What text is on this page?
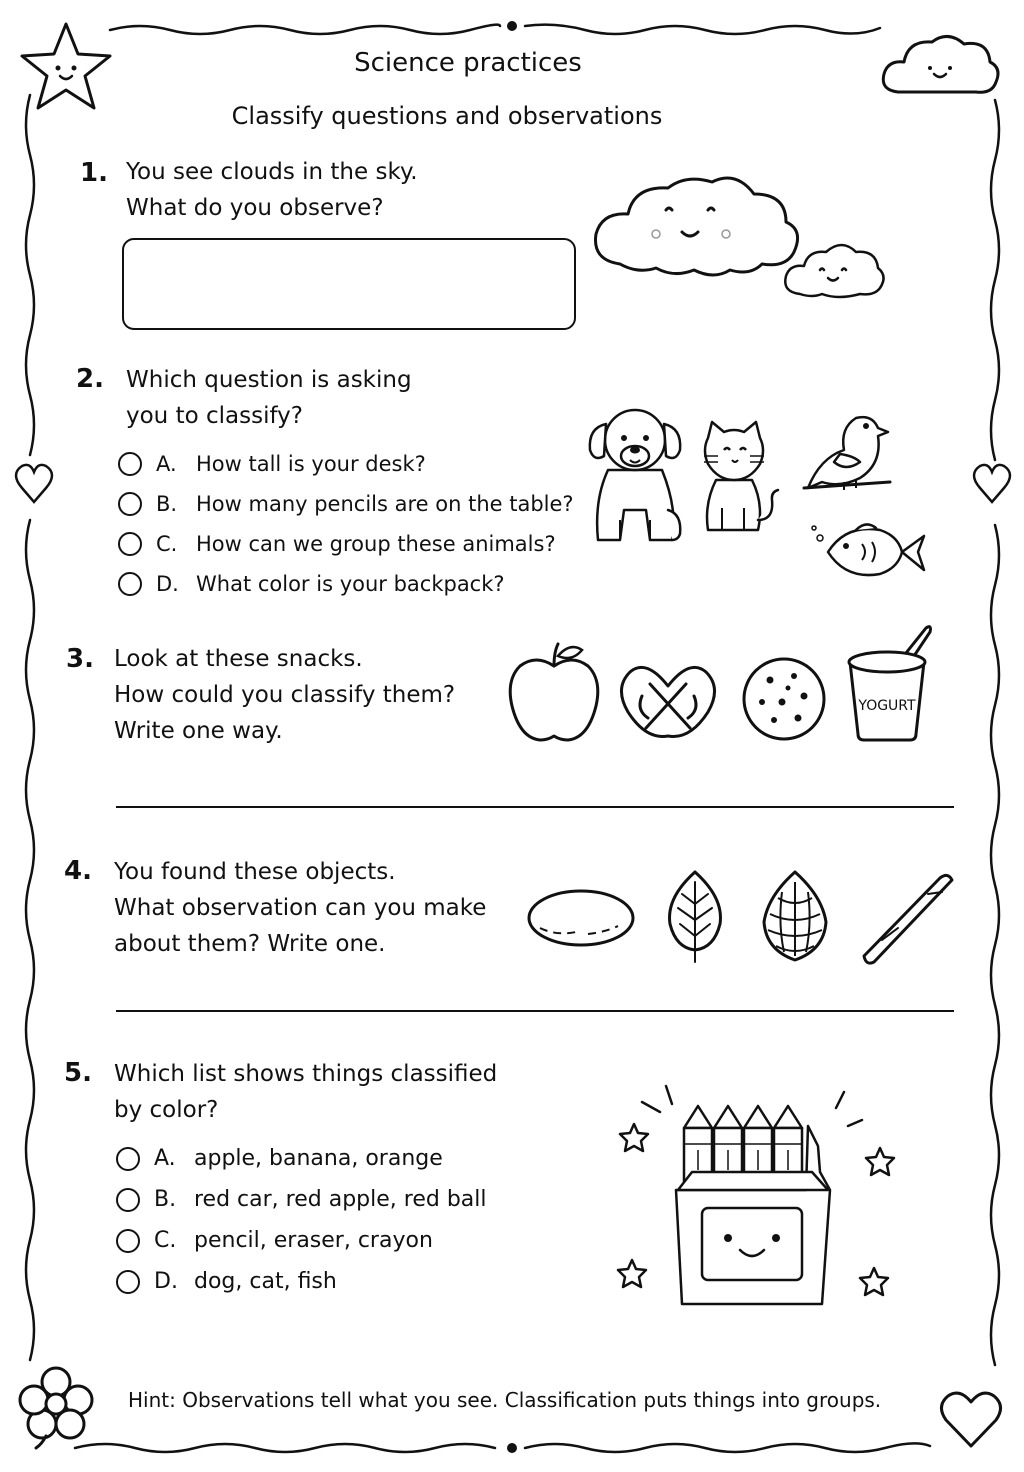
Science practices
Classify questions and observations
1. You see clouds in the sky.
What do you observe?
2. Which question is asking
you to classify?
A. How tall is your desk?
B. How many pencils are on the table?
C. How can we group these animals?
D. What color is your backpack?
3. Look at these snacks.
How could you classify them?
Write one way.
YOGURT
4. You found these objects.
What observation can you make
about them? Write one.
5. Which list shows things classified
by color?
A. apple, banana, orange
B. red car, red apple, red ball
C. pencil, eraser, crayon
D. dog, cat, fish
Hint: Observations tell what you see. Classification puts things into groups.
